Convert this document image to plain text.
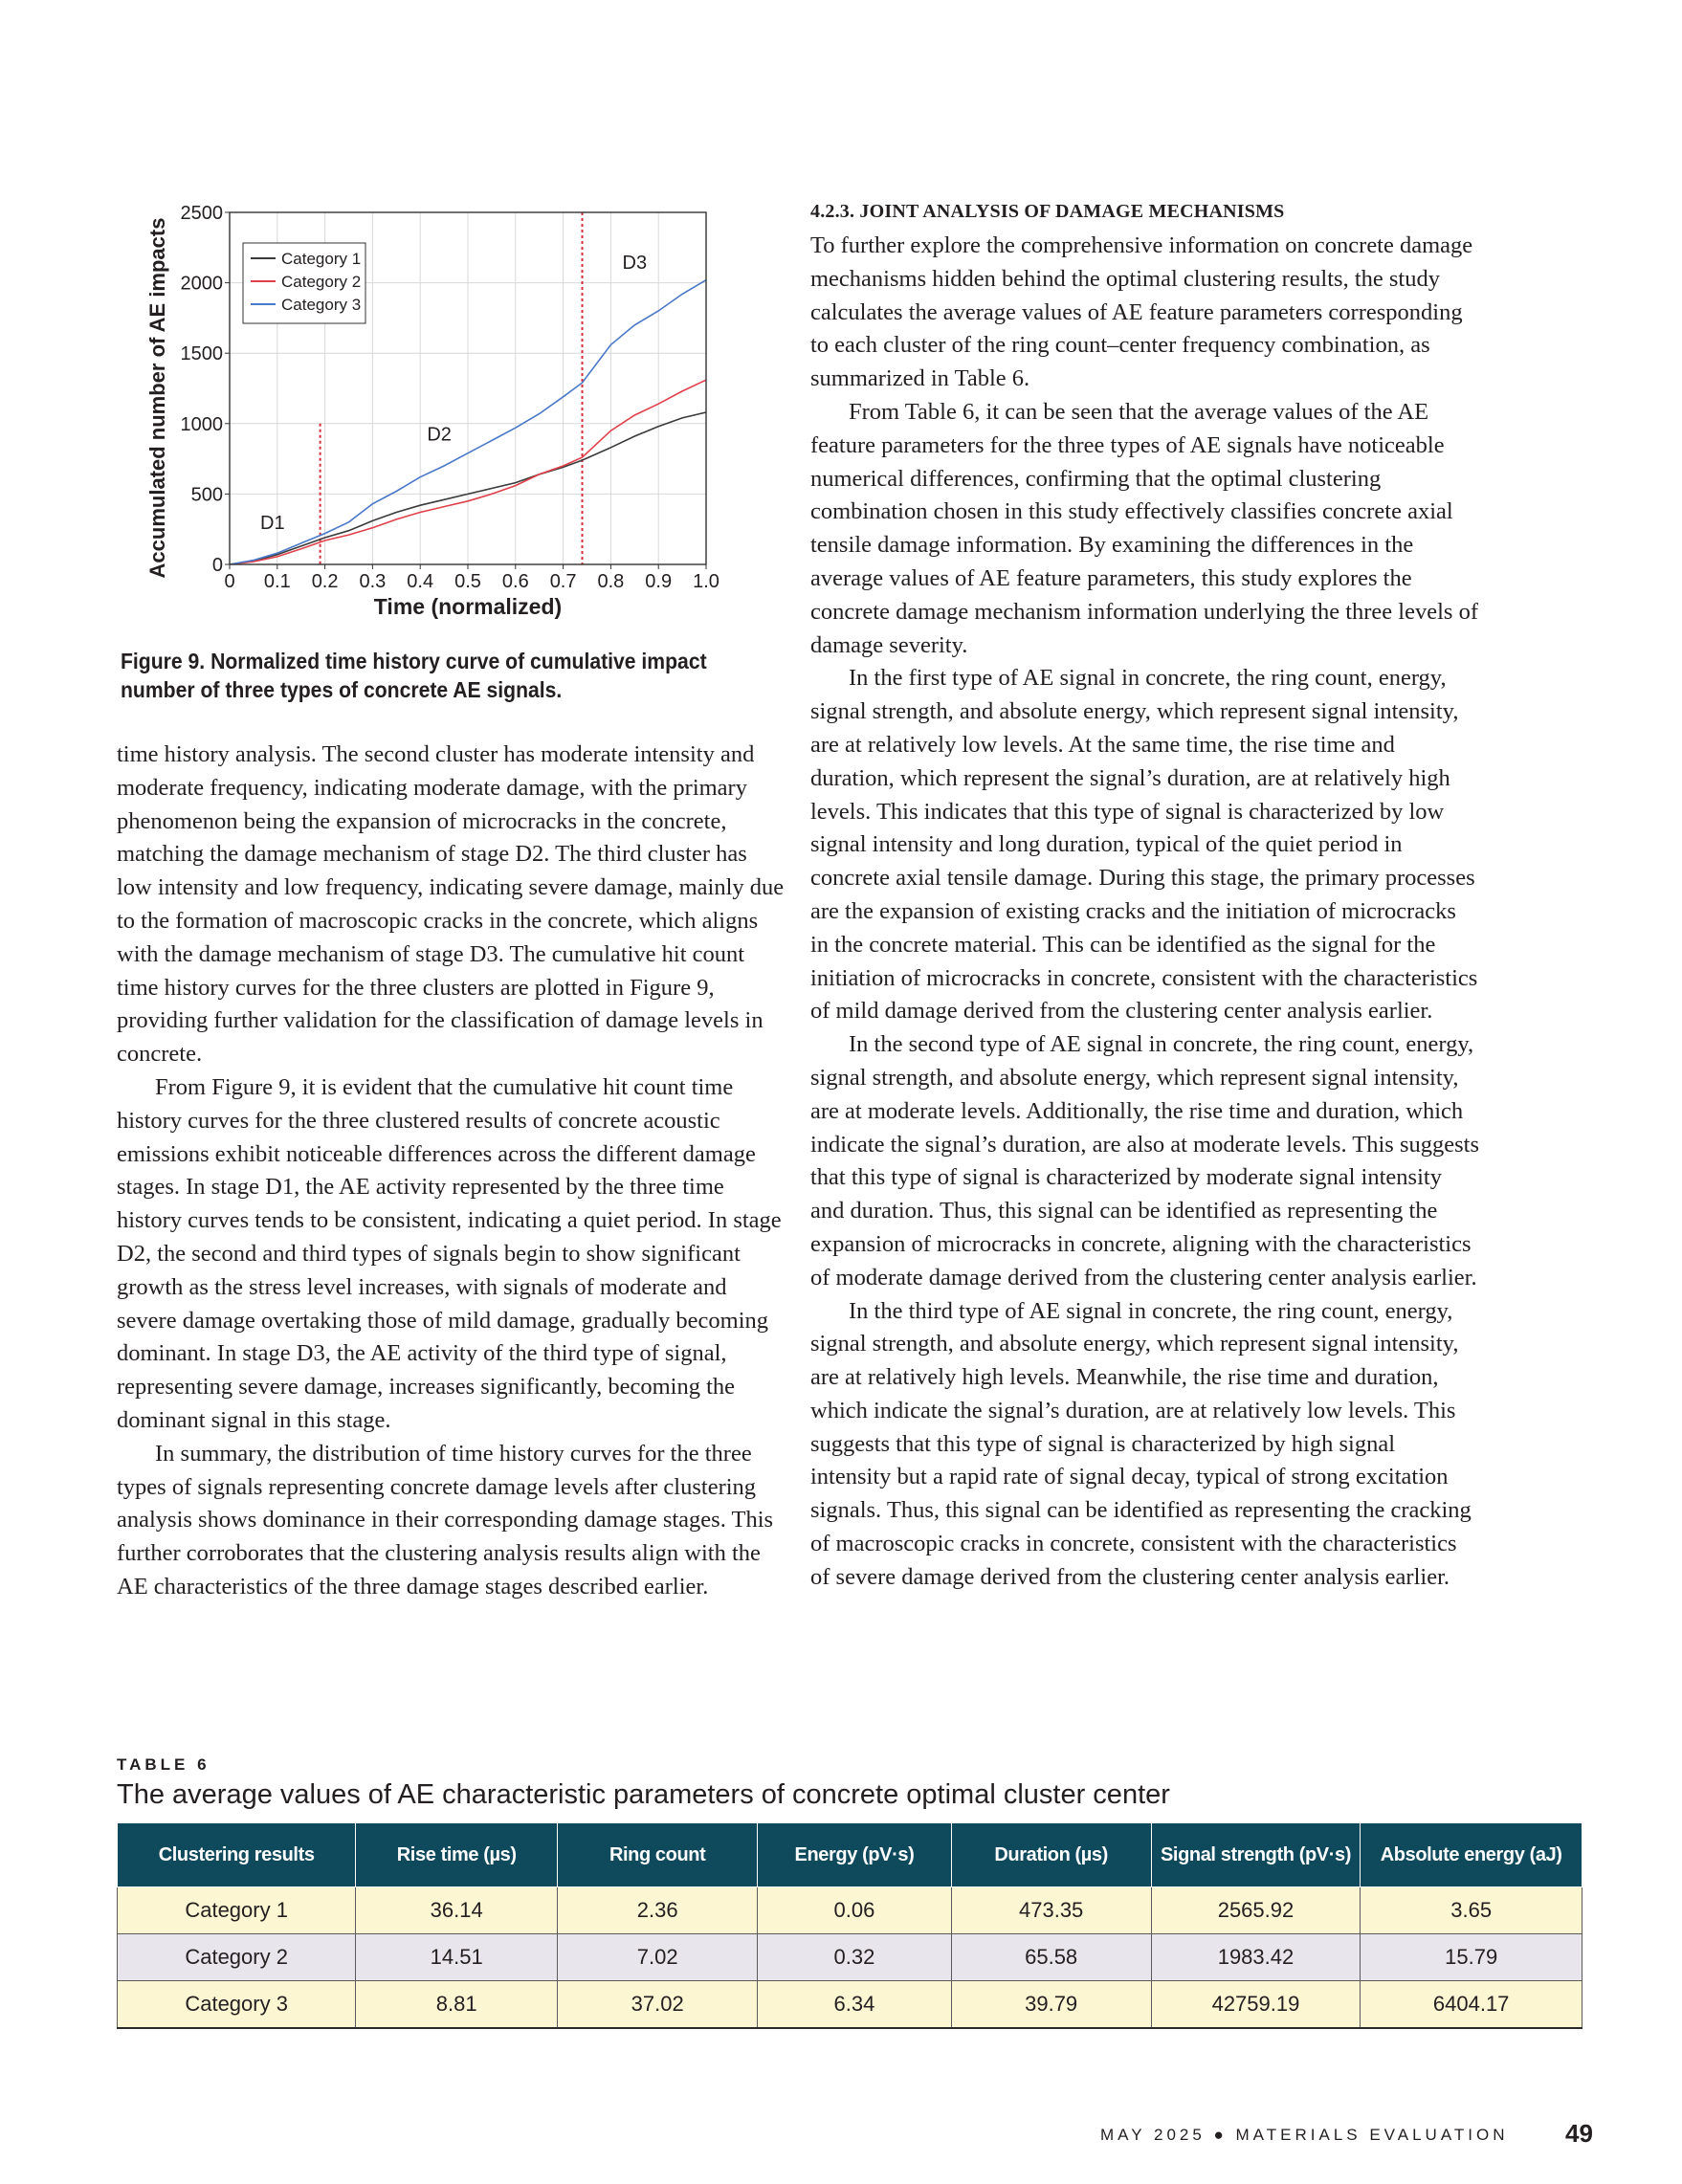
0 0.1 0.2 0.3 0.4 0.5 0.6 0.7 0.8 0.9 1.0
0
500
1000
1500
2000
2500
D1
D2
D3
Category 1
Category 2
Category 3
Time (normalized)
Accumulated number of AE impacts
Figure 9. Normalized time history curve of cumulative impact number of three types of concrete AE signals.

time history analysis. The second cluster has moderate intensity and moderate frequency, indicating moderate damage, with the primary phenomenon being the expansion of microcracks in the concrete, matching the damage mechanism of stage D2. The third cluster has low intensity and low frequency, indicating severe damage, mainly due to the formation of macroscopic cracks in the concrete, which aligns with the damage mechanism of stage D3. The cumulative hit count time history curves for the three clusters are plotted in Figure 9, providing further validation for the classification of damage levels in concrete.

From Figure 9, it is evident that the cumulative hit count time history curves for the three clustered results of concrete acoustic emissions exhibit noticeable differences across the different damage stages. In stage D1, the AE activity represented by the three time history curves tends to be consistent, indicating a quiet period. In stage D2, the second and third types of signals begin to show significant growth as the stress level increases, with signals of moderate and severe damage overtaking those of mild damage, gradually becoming dominant. In stage D3, the AE activity of the third type of signal, representing severe damage, increases significantly, becoming the dominant signal in this stage.

In summary, the distribution of time history curves for the three types of signals representing concrete damage levels after clustering analysis shows dominance in their corresponding damage stages. This further corroborates that the clustering analysis results align with the AE characteristics of the three damage stages described earlier.

4.2.3. JOINT ANALYSIS OF DAMAGE MECHANISMS

To further explore the comprehensive information on concrete damage mechanisms hidden behind the optimal clustering results, the study calculates the average values of AE feature parameters corresponding to each cluster of the ring count–center frequency combination, as summarized in Table 6.

From Table 6, it can be seen that the average values of the AE feature parameters for the three types of AE signals have noticeable numerical differences, confirming that the optimal clustering combination chosen in this study effectively classifies concrete axial tensile damage information. By examining the differences in the average values of AE feature parameters, this study explores the concrete damage mechanism information underlying the three levels of damage severity.

In the first type of AE signal in concrete, the ring count, energy, signal strength, and absolute energy, which represent signal intensity, are at relatively low levels. At the same time, the rise time and duration, which represent the signal’s duration, are at relatively high levels. This indicates that this type of signal is characterized by low signal intensity and long duration, typical of the quiet period in concrete axial tensile damage. During this stage, the primary processes are the expansion of existing cracks and the initiation of microcracks in the concrete material. This can be identified as the signal for the initiation of microcracks in concrete, consistent with the characteristics of mild damage derived from the clustering center analysis earlier.

In the second type of AE signal in concrete, the ring count, energy, signal strength, and absolute energy, which represent signal intensity, are at moderate levels. Additionally, the rise time and duration, which indicate the signal’s duration, are also at moderate levels. This suggests that this type of signal is characterized by moderate signal intensity and duration. Thus, this signal can be identified as representing the expansion of microcracks in concrete, aligning with the characteristics of moderate damage derived from the clustering center analysis earlier.

In the third type of AE signal in concrete, the ring count, energy, signal strength, and absolute energy, which represent signal intensity, are at relatively high levels. Meanwhile, the rise time and duration, which indicate the signal’s duration, are at relatively low levels. This suggests that this type of signal is characterized by high signal intensity but a rapid rate of signal decay, typical of strong excitation signals. Thus, this signal can be identified as representing the cracking of macroscopic cracks in concrete, consistent with the characteristics of severe damage derived from the clustering center analysis earlier.

TABLE 6
The average values of AE characteristic parameters of concrete optimal cluster center
Clustering results	Rise time (µs)	Ring count	Energy (pV·s)	Duration (µs)	Signal strength (pV·s)	Absolute energy (aJ)
Category 1	36.14	2.36	0.06	473.35	2565.92	3.65
Category 2	14.51	7.02	0.32	65.58	1983.42	15.79
Category 3	8.81	37.02	6.34	39.79	42759.19	6404.17
MAY 2025 ● MATERIALS EVALUATION 49
